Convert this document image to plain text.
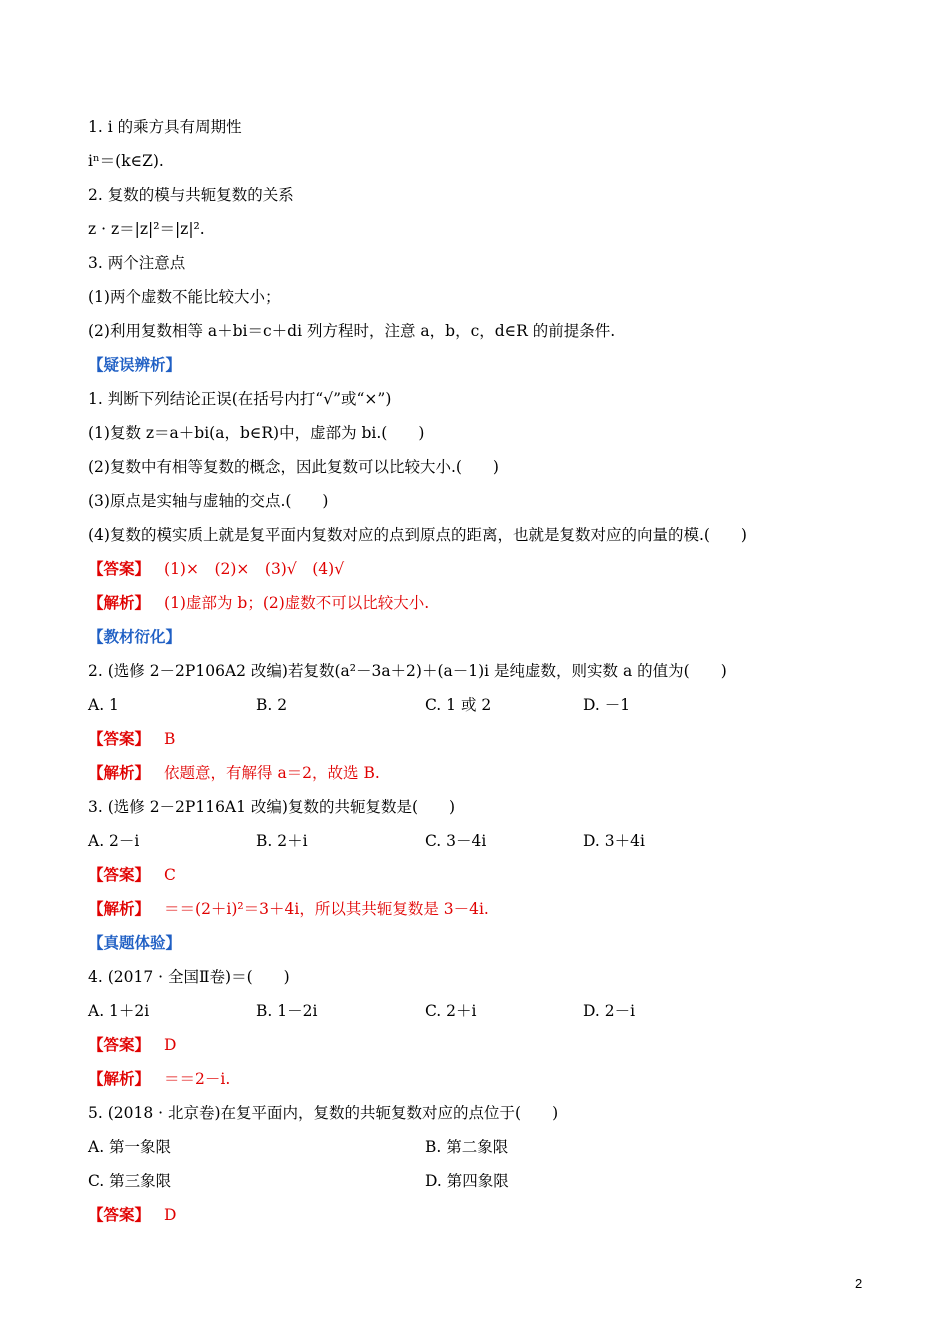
1. i 的乘方具有周期性
iⁿ＝(k∈Z).
2. 复数的模与共轭复数的关系
z · z＝|z|²＝|z|².
3. 两个注意点
(1)两个虚数不能比较大小；
(2)利用复数相等 a＋bi＝c＋di 列方程时，注意 a，b，c，d∈R 的前提条件.
【疑误辨析】
1. 判断下列结论正误(在括号内打“√”或“×”)
(1)复数 z＝a＋bi(a，b∈R)中，虚部为 bi.(　　)
(2)复数中有相等复数的概念，因此复数可以比较大小.(　　)
(3)原点是实轴与虚轴的交点.(　　)
(4)复数的模实质上就是复平面内复数对应的点到原点的距离，也就是复数对应的向量的模.(　　)
【答案】 (1)×　(2)×　(3)√　(4)√
【解析】 (1)虚部为 b；(2)虚数不可以比较大小.
【教材衍化】
2. (选修 2－2P106A2 改编)若复数(a²－3a＋2)＋(a－1)i 是纯虚数，则实数 a 的值为(　　)
A. 1	B. 2	C. 1 或 2	D. －1
【答案】 B
【解析】 依题意，有解得 a＝2，故选 B.
3. (选修 2－2P116A1 改编)复数的共轭复数是(　　)
A. 2－i	B. 2＋i	C. 3－4i	D. 3＋4i
【答案】 C
【解析】 ＝＝(2＋i)²＝3＋4i，所以其共轭复数是 3－4i.
【真题体验】
4. (2017 · 全国Ⅱ卷)＝(　　)
A. 1＋2i	B. 1－2i	C. 2＋i	D. 2－i
【答案】 D
【解析】 ＝＝2－i.
5. (2018 · 北京卷)在复平面内，复数的共轭复数对应的点位于(　　)
A. 第一象限	B. 第二象限
C. 第三象限	D. 第四象限
【答案】 D
2
